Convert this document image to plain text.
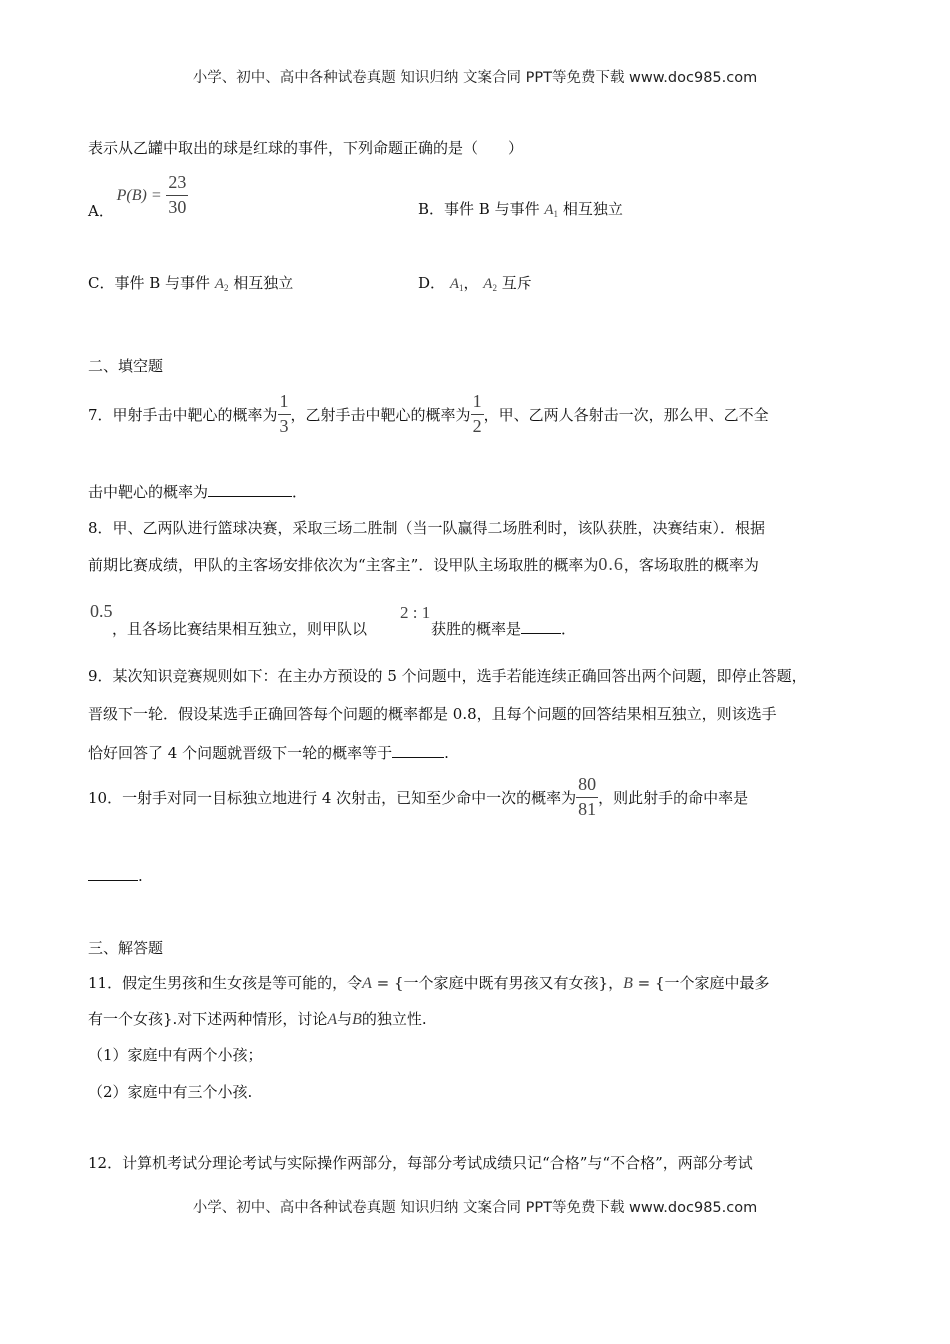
小学、初中、高中各种试卷真题 知识归纳 文案合同 PPT等免费下载 www.doc985.com
表示从乙罐中取出的球是红球的事件，下列命题正确的是（　　）
A． $P(B) = \frac{23}{30}$	B．事件 B 与事件 $A_1$ 相互独立
C．事件 B 与事件 $A_2$ 相互独立	D． $A_1$， $A_2$ 互斥
二、填空题
7．甲射手击中靶心的概率为 $\frac{1}{3}$ ，乙射手击中靶心的概率为 $\frac{1}{2}$ ，甲、乙两人各射击一次，那么甲、乙不全
击中靶心的概率为	．
8．甲、乙两队进行篮球决赛，采取三场二胜制（当一队赢得二场胜利时，该队获胜，决赛结束）．根据
前期比赛成绩，甲队的主客场安排依次为“主客主”．设甲队主场取胜的概率为0.6，客场取胜的概率为
0.5	2 : 1
，且各场比赛结果相互独立，则甲队以	获胜的概率是	．
9．某次知识竞赛规则如下：在主办方预设的 5 个问题中，选手若能连续正确回答出两个问题，即停止答题，
晋级下一轮．假设某选手正确回答每个问题的概率都是 0.8，且每个问题的回答结果相互独立，则该选手
恰好回答了 4 个问题就晋级下一轮的概率等于	.
10．一射手对同一目标独立地进行 4 次射击，已知至少命中一次的概率为 $\frac{80}{81}$ ，则此射手的命中率是
.
三、解答题
11．假定生男孩和生女孩是等可能的，令A = {一个家庭中既有男孩又有女孩}，B = {一个家庭中最多
有一个女孩}.对下述两种情形，讨论A与B的独立性.
（1）家庭中有两个小孩；
（2）家庭中有三个小孩.
12．计算机考试分理论考试与实际操作两部分，每部分考试成绩只记“合格”与“不合格”，两部分考试
小学、初中、高中各种试卷真题 知识归纳 文案合同 PPT等免费下载 www.doc985.com
